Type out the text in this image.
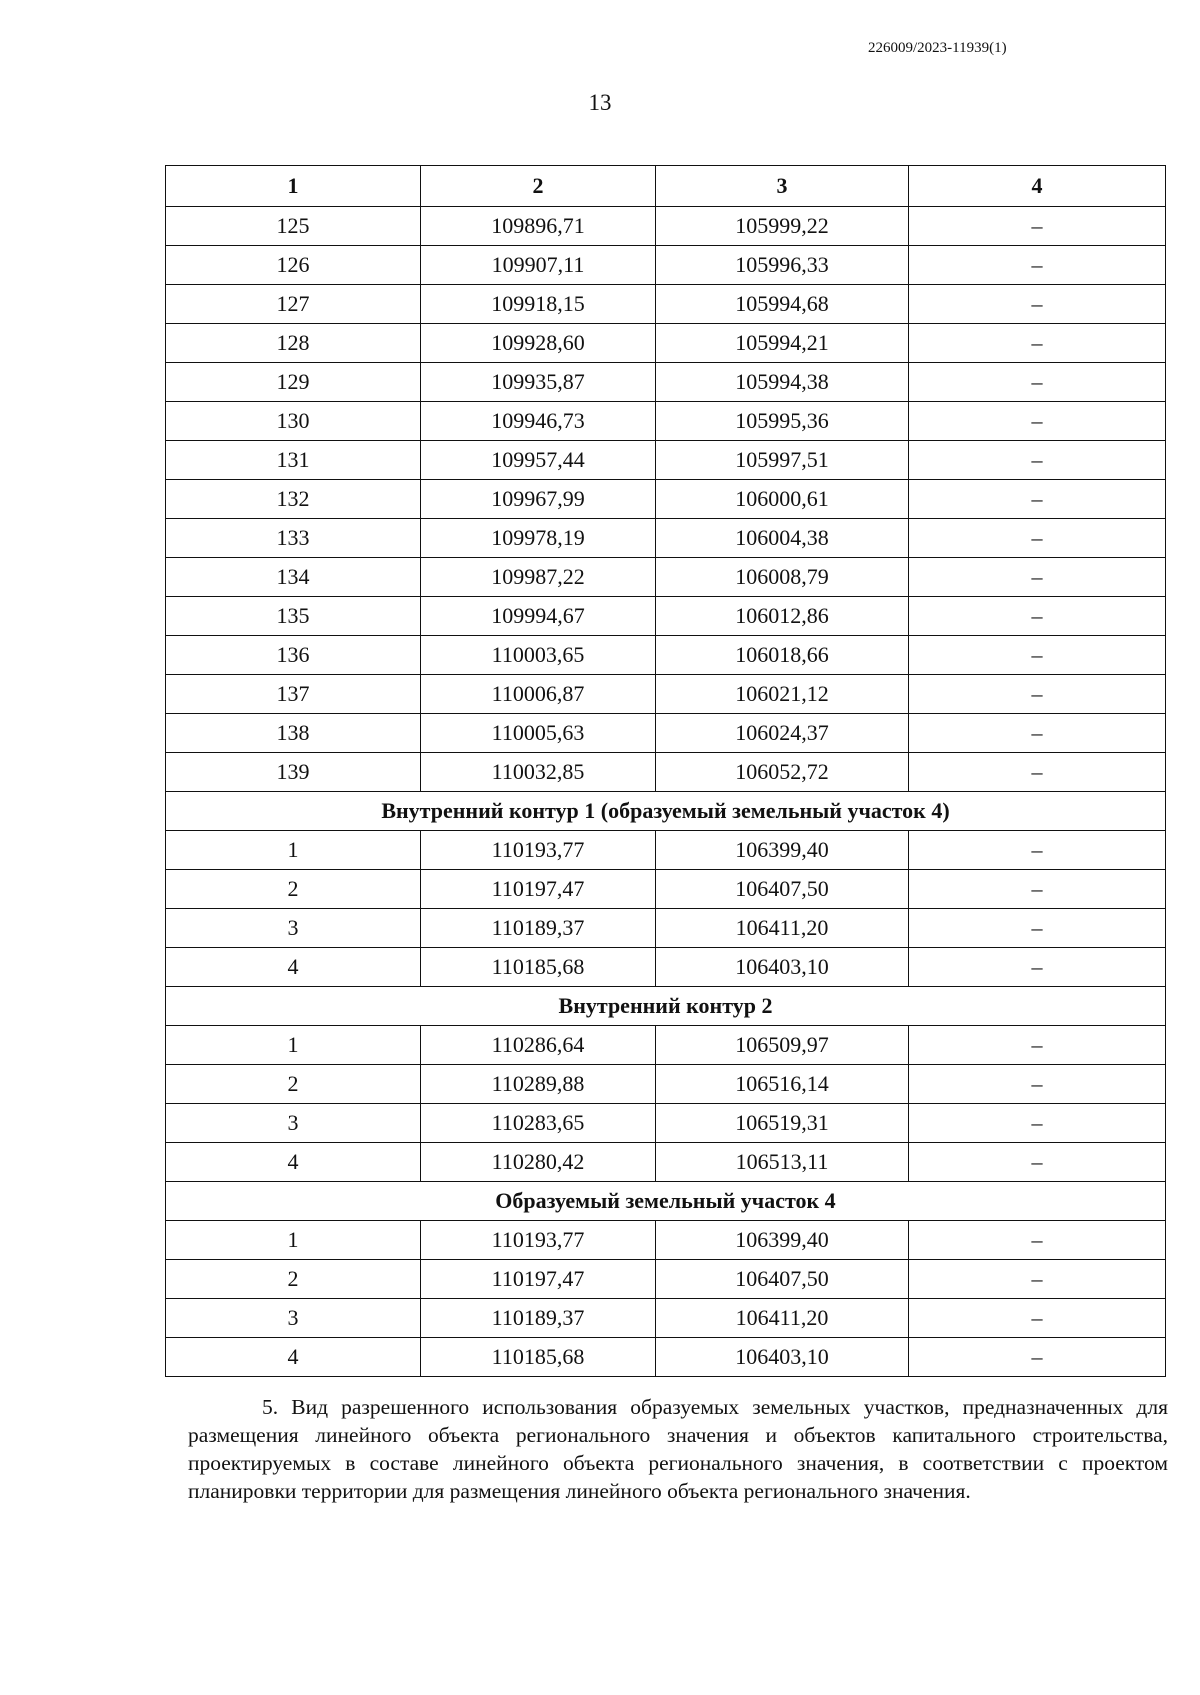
226009/2023-11939(1)
13
1	2	3	4
125	109896,71	105999,22	–
126	109907,11	105996,33	–
127	109918,15	105994,68	–
128	109928,60	105994,21	–
129	109935,87	105994,38	–
130	109946,73	105995,36	–
131	109957,44	105997,51	–
132	109967,99	106000,61	–
133	109978,19	106004,38	–
134	109987,22	106008,79	–
135	109994,67	106012,86	–
136	110003,65	106018,66	–
137	110006,87	106021,12	–
138	110005,63	106024,37	–
139	110032,85	106052,72	–
Внутренний контур 1 (образуемый земельный участок 4)			
1	110193,77	106399,40	–
2	110197,47	106407,50	–
3	110189,37	106411,20	–
4	110185,68	106403,10	–
Внутренний контур 2			
1	110286,64	106509,97	–
2	110289,88	106516,14	–
3	110283,65	106519,31	–
4	110280,42	106513,11	–
Образуемый земельный участок 4			
1	110193,77	106399,40	–
2	110197,47	106407,50	–
3	110189,37	106411,20	–
4	110185,68	106403,10	–
5. Вид разрешенного использования образуемых земельных участков, предназначенных для размещения линейного объекта регионального значения и объектов капитального строительства, проектируемых в составе линейного объекта регионального значения, в соответствии с проектом планировки территории для размещения линейного объекта регионального значения.
